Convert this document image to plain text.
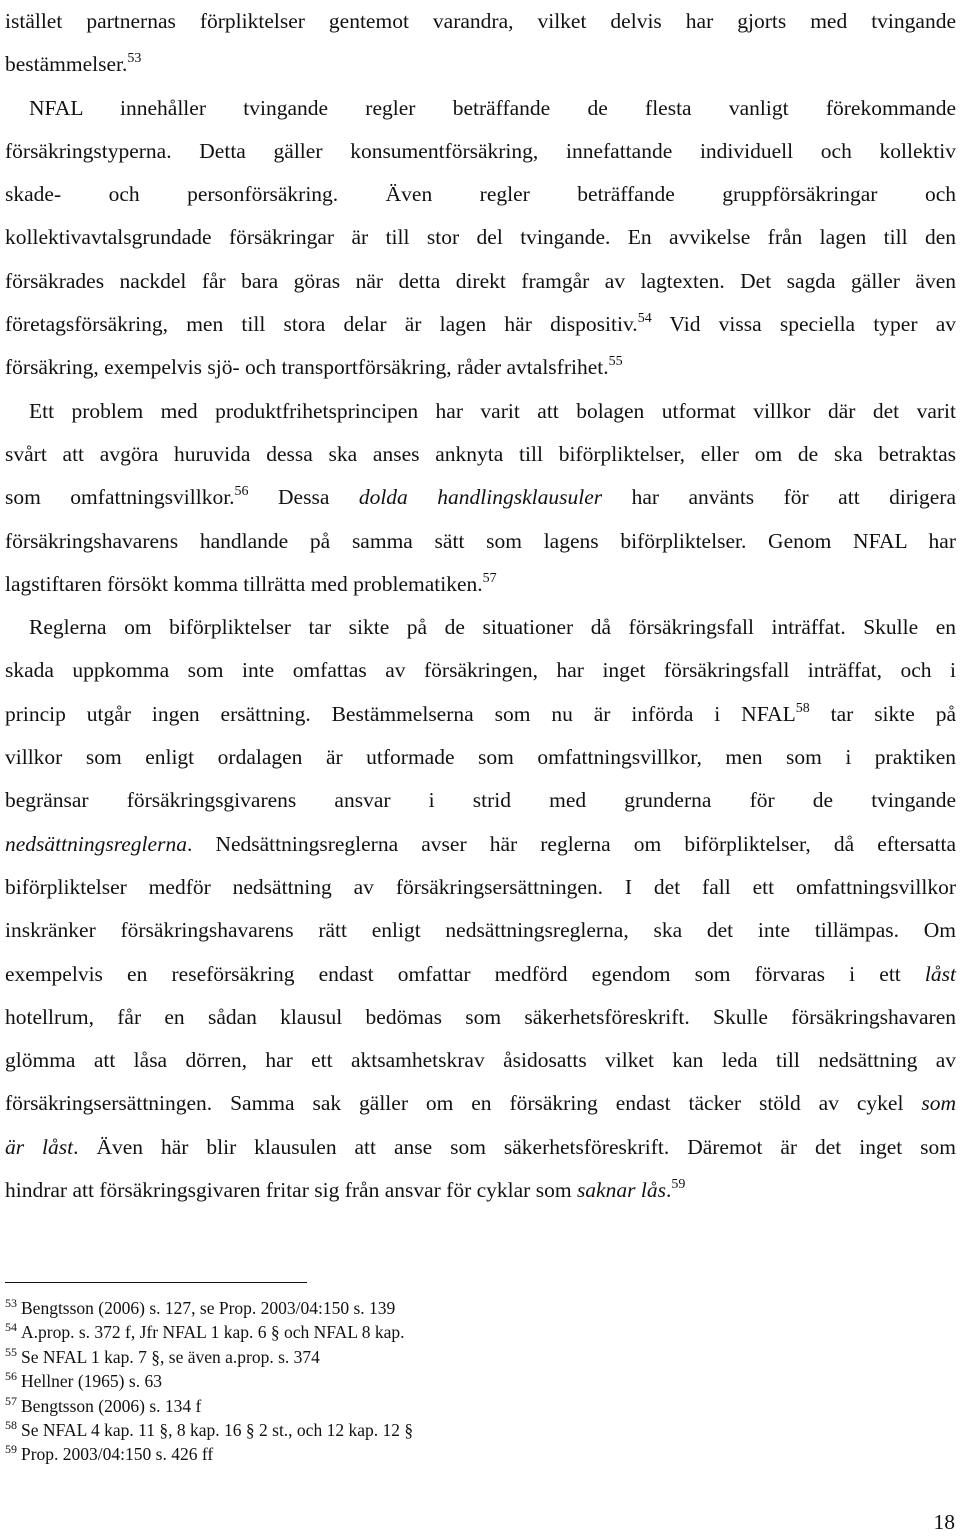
istället partnernas förpliktelser gentemot varandra, vilket delvis har gjorts med tvingande
bestämmelser.$^{53}$
NFAL innehåller tvingande regler beträffande de flesta vanligt förekommande
försäkringstyperna. Detta gäller konsumentförsäkring, innefattande individuell och kollektiv
skade- och personförsäkring. Även regler beträffande gruppförsäkringar och
kollektivavtalsgrundade försäkringar är till stor del tvingande. En avvikelse från lagen till den
försäkrades nackdel får bara göras när detta direkt framgår av lagtexten. Det sagda gäller även
företagsförsäkring, men till stora delar är lagen här dispositiv.$^{54}$ Vid vissa speciella typer av
försäkring, exempelvis sjö- och transportförsäkring, råder avtalsfrihet.$^{55}$
Ett problem med produktfrihetsprincipen har varit att bolagen utformat villkor där det varit
svårt att avgöra huruvida dessa ska anses anknyta till biförpliktelser, eller om de ska betraktas
som omfattningsvillkor.$^{56}$ Dessa dolda handlingsklausuler har använts för att dirigera
försäkringshavarens handlande på samma sätt som lagens biförpliktelser. Genom NFAL har
lagstiftaren försökt komma tillrätta med problematiken.$^{57}$
Reglerna om biförpliktelser tar sikte på de situationer då försäkringsfall inträffat. Skulle en
skada uppkomma som inte omfattas av försäkringen, har inget försäkringsfall inträffat, och i
princip utgår ingen ersättning. Bestämmelserna som nu är införda i NFAL$^{58}$ tar sikte på
villkor som enligt ordalagen är utformade som omfattningsvillkor, men som i praktiken
begränsar försäkringsgivarens ansvar i strid med grunderna för de tvingande
nedsättningsreglerna. Nedsättningsreglerna avser här reglerna om biförpliktelser, då eftersatta
biförpliktelser medför nedsättning av försäkringsersättningen. I det fall ett omfattningsvillkor
inskränker försäkringshavarens rätt enligt nedsättningsreglerna, ska det inte tillämpas. Om
exempelvis en reseförsäkring endast omfattar medförd egendom som förvaras i ett låst
hotellrum, får en sådan klausul bedömas som säkerhetsföreskrift. Skulle försäkringshavaren
glömma att låsa dörren, har ett aktsamhetskrav åsidosatts vilket kan leda till nedsättning av
försäkringsersättningen. Samma sak gäller om en försäkring endast täcker stöld av cykel som
är låst. Även här blir klausulen att anse som säkerhetsföreskrift. Däremot är det inget som
hindrar att försäkringsgivaren fritar sig från ansvar för cyklar som saknar lås.$^{59}$
$^{53}$ Bengtsson (2006) s. 127, se Prop. 2003/04:150 s. 139
$^{54}$ A.prop. s. 372 f, Jfr NFAL 1 kap. 6 § och NFAL 8 kap.
$^{55}$ Se NFAL 1 kap. 7 §, se även a.prop. s. 374
$^{56}$ Hellner (1965) s. 63
$^{57}$ Bengtsson (2006) s. 134 f
$^{58}$ Se NFAL 4 kap. 11 §, 8 kap. 16 § 2 st., och 12 kap. 12 §
$^{59}$ Prop. 2003/04:150 s. 426 ff
18
